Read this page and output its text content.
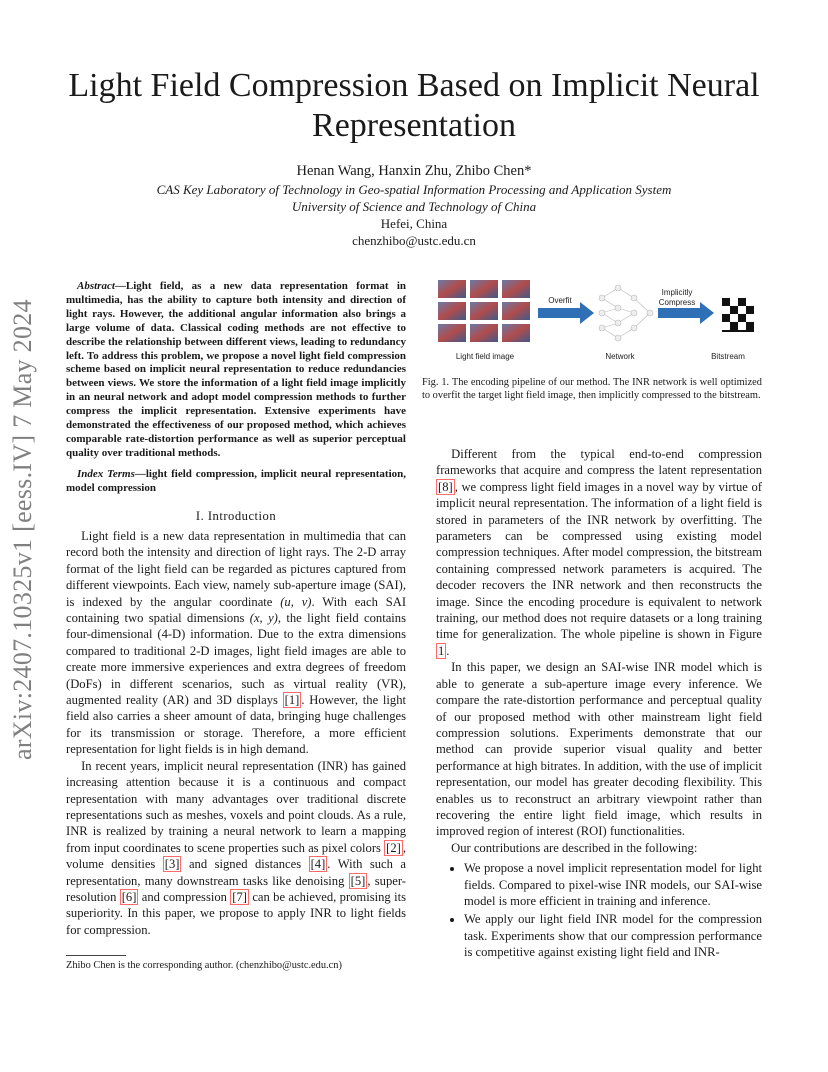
arXiv:2407.10325v1 [eess.IV] 7 May 2024
Light Field Compression Based on Implicit Neural
Representation
Henan Wang, Hanxin Zhu, Zhibo Chen*
CAS Key Laboratory of Technology in Geo-spatial Information Processing and Application System
University of Science and Technology of China
Hefei, China
chenzhibo@ustc.edu.cn
Abstract—Light field, as a new data representation format in multimedia, has the ability to capture both intensity and direction of light rays. However, the additional angular information also brings a large volume of data. Classical coding methods are not effective to describe the relationship between different views, leading to redundancy left. To address this problem, we propose a novel light field compression scheme based on implicit neural representation to reduce redundancies between views. We store the information of a light field image implicitly in an neural network and adopt model compression methods to further compress the implicit representation. Extensive experiments have demonstrated the effectiveness of our proposed method, which achieves comparable rate-distortion performance as well as superior perceptual quality over traditional methods.
Index Terms—light field compression, implicit neural representation, model compression
I. Introduction

Light field is a new data representation in multimedia that can record both the intensity and direction of light rays. The 2-D array format of the light field can be regarded as pictures captured from different viewpoints. Each view, namely sub-aperture image (SAI), is indexed by the angular coordinate (u, v). With each SAI containing two spatial dimensions (x, y), the light field contains four-dimensional (4-D) information. Due to the extra dimensions compared to traditional 2-D images, light field images are able to create more immersive experiences and extra degrees of freedom (DoFs) in different scenarios, such as virtual reality (VR), augmented reality (AR) and 3D displays [1] . However, the light field also carries a sheer amount of data, bringing huge challenges for its transmission or storage. Therefore, a more efficient representation for light fields is in high demand.

In recent years, implicit neural representation (INR) has gained increasing attention because it is a continuous and compact representation with many advantages over traditional discrete representations such as meshes, voxels and point clouds. As a rule, INR is realized by training a neural network to learn a mapping from input coordinates to scene properties such as pixel colors [2] , volume densities [3] and signed distances [4] . With such a representation, many downstream tasks like denoising [5] , super-resolution [6] and compression [7] can be achieved, promising its superiority. In this paper, we propose to apply INR to light fields for compression.

Zhibo Chen is the corresponding author. (chenzhibo@ustc.edu.cn)
Light field image
Overfit
Network
Implicitly
Compress
Bitstream
Fig. 1. The encoding pipeline of our method. The INR network is well optimized to overfit the target light field image, then implicitly compressed to the bitstream.

Different from the typical end-to-end compression frameworks that acquire and compress the latent representation [8] , we compress light field images in a novel way by virtue of implicit neural representation. The information of a light field is stored in parameters of the INR network by overfitting. The parameters can be compressed using existing model compression techniques. After model compression, the bitstream containing compressed network parameters is acquired. The decoder recovers the INR network and then reconstructs the image. Since the encoding procedure is equivalent to network training, our method does not require datasets or a long training time for generalization. The whole pipeline is shown in Figure 1 .

In this paper, we design an SAI-wise INR model which is able to generate a sub-aperture image every inference. We compare the rate-distortion performance and perceptual quality of our proposed method with other mainstream light field compression solutions. Experiments demonstrate that our method can provide superior visual quality and better performance at high bitrates. In addition, with the use of implicit representation, our model has greater decoding flexibility. This enables us to reconstruct an arbitrary viewpoint rather than recovering the entire light field image, which results in improved region of interest (ROI) functionalities.

Our contributions are described in the following:

• We propose a novel implicit representation model for light fields. Compared to pixel-wise INR models, our SAI-wise model is more efficient in training and inference.
• We apply our light field INR model for the compression task. Experiments show that our compression performance is competitive against existing light field and INR-
